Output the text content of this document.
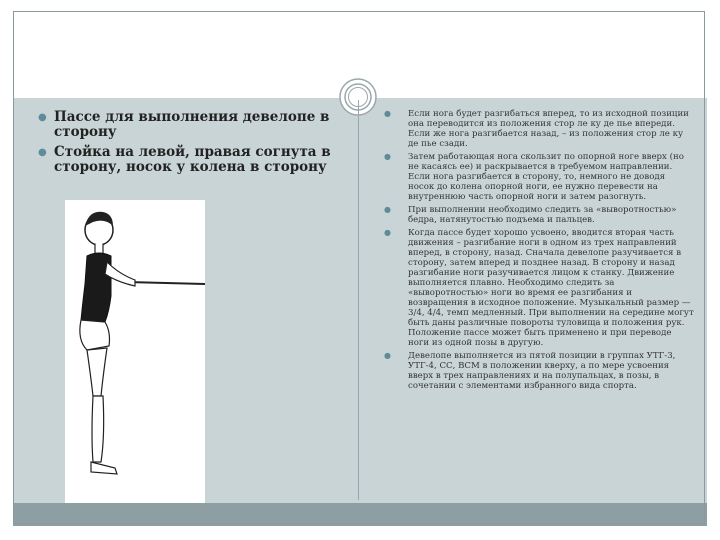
● Пассе для выполнения девелопе в сторону
● Стойка на левой, правая согнута в сторону, носок у колена в сторону
● Если нога будет разгибаться вперед, то из исходной позиции она переводится из положения стор ле ку де пье впереди. Если же нога разгибается назад, – из положения стор ле ку де пье сзади.
● Затем работающая нога скользит по опорной ноге вверх (но не касаясь ее) и раскрывается в требуемом направлении. Если нога разгибается в сторону, то, немного не доводя носок до колена опорной ноги, ее нужно перевести на внутреннюю часть опорной ноги и затем разогнуть.
● При выполнении необходимо следить за «выворотностью» бедра, натянутостью подъема и пальцев.
● Когда пассе будет хорошо усвоено, вводится вторая часть движения – разгибание ноги в одном из трех направлений вперед, в сторону, назад. Сначала девелопе разучивается в сторону, затем вперед и позднее назад. В сторону и назад разгибание ноги разучивается лицом к станку. Движение выполняется плавно. Необходимо следить за «выворотностью» ноги во время ее разгибания и возвращения в исходное положение. Музыкальный размер —3/4, 4/4, темп медленный. При выполнении на середине могут быть даны различные повороты туловища и положения рук. Положение пассе может быть применено и при переводе ноги из одной позы в другую.
● Девелопе выполняется из пятой позиции в группах УТГ-3, УТГ-4, СС, ВСМ в положении кверху, а по мере усвоения вверх в трех направлениях и на полупальцах, в позы, в сочетании с элементами избранного вида спорта.
